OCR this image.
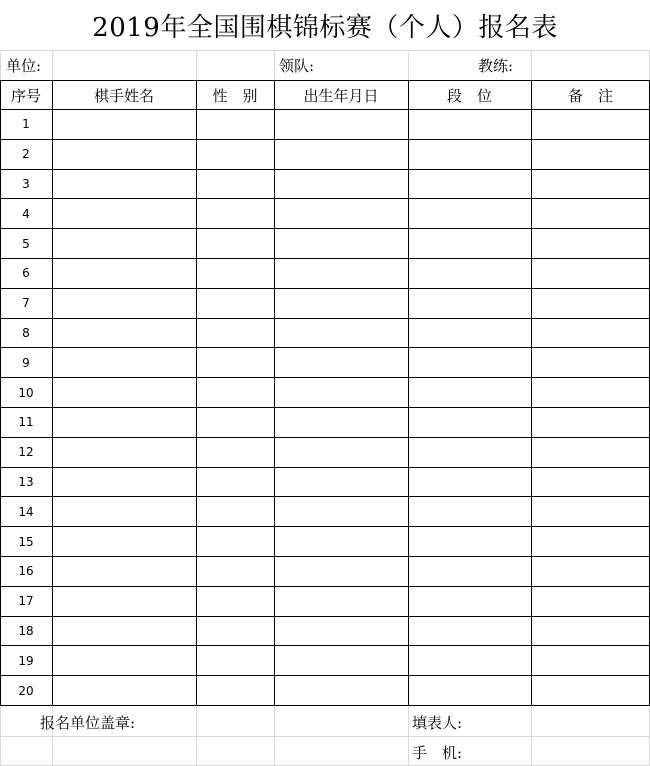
2019年全国围棋锦标赛（个人）报名表
单位:	领队:	教练:
序号	棋手姓名	性　别	出生年月日	段　位	备　注
1
2
3
4
5
6
7
8
9
10
11
12
13
14
15
16
17
18
19
20
报名单位盖章:	填表人:
手　机:
